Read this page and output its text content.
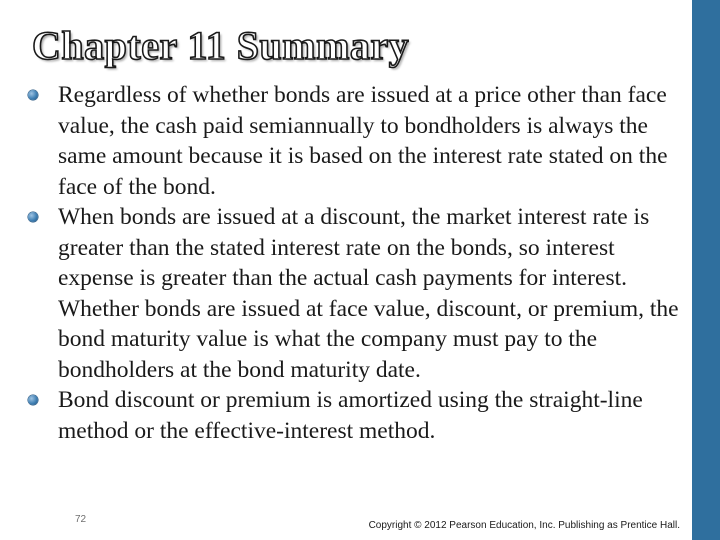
Chapter 11 Summary
Regardless of whether bonds are issued at a price other than face value, the cash paid semiannually to bondholders is always the same amount because it is based on the interest rate stated on the face of the bond.
When bonds are issued at a discount, the market interest rate is greater than the stated interest rate on the bonds, so interest expense is greater than the actual cash payments for interest. Whether bonds are issued at face value, discount, or premium, the bond maturity value is what the company must pay to the bondholders at the bond maturity date.
Bond discount or premium is amortized using the straight-line method or the effective-interest method.
72
Copyright © 2012 Pearson Education, Inc. Publishing as Prentice Hall.
